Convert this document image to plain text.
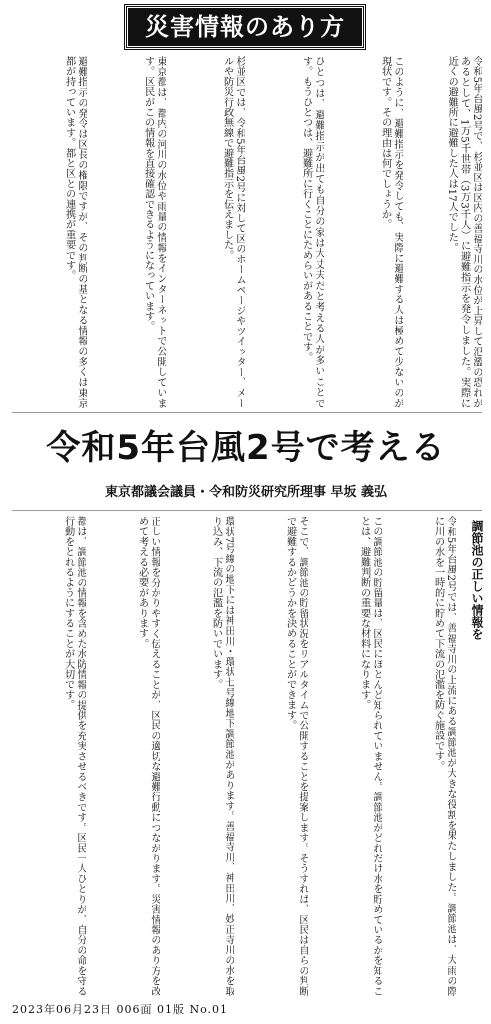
災害情報のあり方
令和5年台風2号で、杉並区は区内の善福寺川の水位が上昇して氾濫の恐れがあるとして、1万5千世帯（3万3千人）に避難指示を発令しました。実際に近くの避難所に避難した人は17人でした。
このように、避難指示を発令しても、実際に避難する人は極めて少ないのが現状です。その理由は何でしょうか。
ひとつは、避難指示が出ても自分の家は大丈夫だと考える人が多いことです。もうひとつは、避難所に行くことにためらいがあることです。
杉並区では、令和5年台風2号に対して区のホームページやツイッター、メールや防災行政無線で避難指示を伝えました。
東京都は、都内の河川の水位や雨量の情報をインターネットで公開しています。区民がこの情報を直接確認できるようになっています。
避難指示の発令は区長の権限ですが、その判断の基となる情報の多くは東京都が持っています。都と区との連携が重要です。
令和5年台風2号で考える
東京都議会議員・令和防災研究所理事 早坂 義弘
調節池の正しい情報を
令和5年台風2号では、善福寺川の上流にある調節池が大きな役割を果たしました。調節池は、大雨の際に川の水を一時的に貯めて下流の氾濫を防ぐ施設です。
この調節池の貯留量は、区民にほとんど知られていません。調節池がどれだけ水を貯めているかを知ることは、避難判断の重要な材料になります。
そこで、調節池の貯留状況をリアルタイムで公開することを提案します。そうすれば、区民は自らの判断で避難するかどうかを決めることができます。
環状7号線の地下には神田川・環状七号線地下調節池があります。善福寺川、神田川、妙正寺川の水を取り込み、下流の氾濫を防いでいます。
正しい情報を分かりやすく伝えることが、区民の適切な避難行動につながります。災害情報のあり方を改めて考える必要があります。
都は、調節池の情報を含めた水防情報の提供を充実させるべきです。区民一人ひとりが、自分の命を守る行動をとれるようにすることが大切です。
2023年06月23日 006面 01版 No.01
